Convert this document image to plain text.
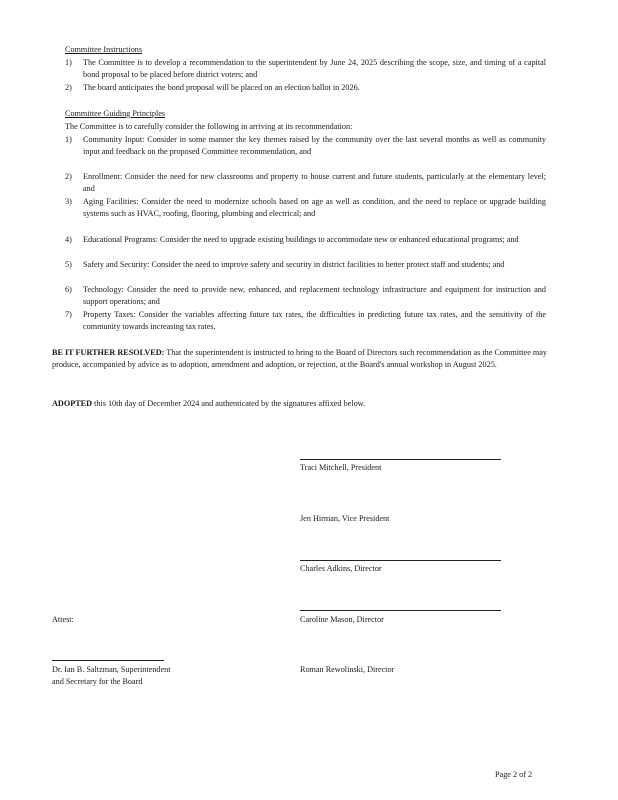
Committee Instructions
1) The Committee is to develop a recommendation to the superintendent by June 24, 2025 describing the scope, size, and timing of a capital bond proposal to be placed before district voters; and
2) The board anticipates the bond proposal will be placed on an election ballot in 2026.
Committee Guiding Principles
The Committee is to carefully consider the following in arriving at its recommendation:
1) Community Input: Consider in some manner the key themes raised by the community over the last several months as well as community input and feedback on the proposed Committee recommendation, and
2) Enrollment: Consider the need for new classrooms and property to house current and future students, particularly at the elementary level; and
3) Aging Facilities: Consider the need to modernize schools based on age as well as condition, and the need to replace or upgrade building systems such as HVAC, roofing, flooring, plumbing and electrical; and
4) Educational Programs: Consider the need to upgrade existing buildings to accommodate new or enhanced educational programs; and
5) Safety and Security: Consider the need to improve safety and security in district facilities to better protect staff and students; and
6) Technology: Consider the need to provide new, enhanced, and replacement technology infrastructure and equipment for instruction and support operations; and
7) Property Taxes: Consider the variables affecting future tax rates, the difficulties in predicting future tax rates, and the sensitivity of the community towards increasing tax rates.
BE IT FURTHER RESOLVED: That the superintendent is instructed to bring to the Board of Directors such recommendation as the Committee may produce, accompanied by advice as to adoption, amendment and adoption, or rejection, at the Board's annual workshop in August 2025.
ADOPTED this 10th day of December 2024 and authenticated by the signatures affixed below.
Traci Mitchell, President
Jen Hirman, Vice President
Charles Adkins, Director
Caroline Mason, Director
Roman Rewolinski, Director
Attest:
Dr. Ian B. Saltzman, Superintendent
and Secretary for the Board
Page 2 of 2
